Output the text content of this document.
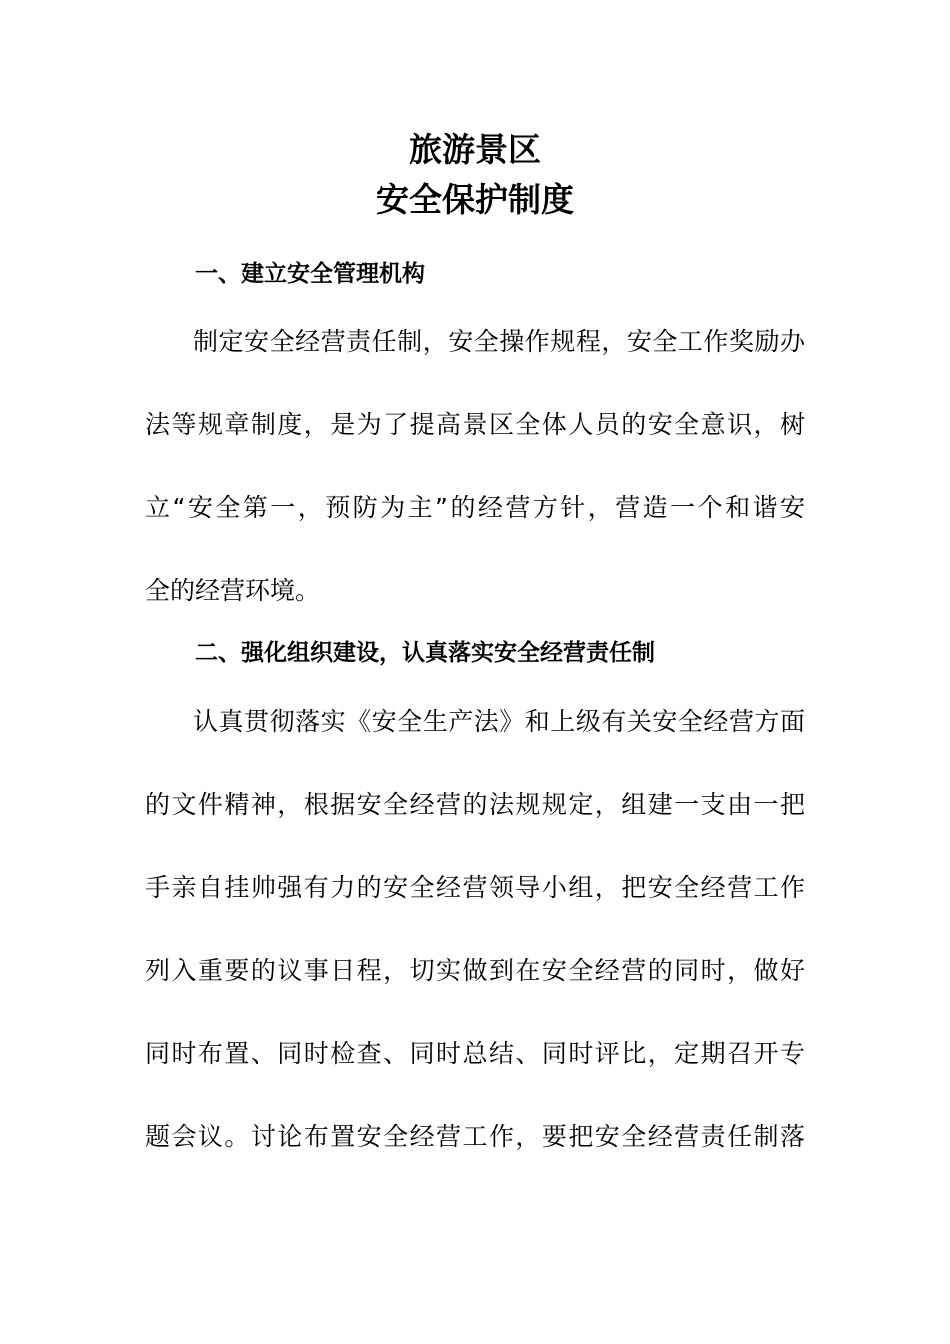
旅游景区
安全保护制度
一、建立安全管理机构

制定安全经营责任制，安全操作规程，安全工作奖励办

法等规章制度，是为了提高景区全体人员的安全意识，树

立“安全第一，预防为主”的经营方针，营造一个和谐安

全的经营环境。

二、强化组织建设，认真落实安全经营责任制

认真贯彻落实《安全生产法》和上级有关安全经营方面

的文件精神，根据安全经营的法规规定，组建一支由一把

手亲自挂帅强有力的安全经营领导小组，把安全经营工作

列入重要的议事日程，切实做到在安全经营的同时，做好

同时布置、同时检查、同时总结、同时评比，定期召开专

题会议。讨论布置安全经营工作，要把安全经营责任制落
